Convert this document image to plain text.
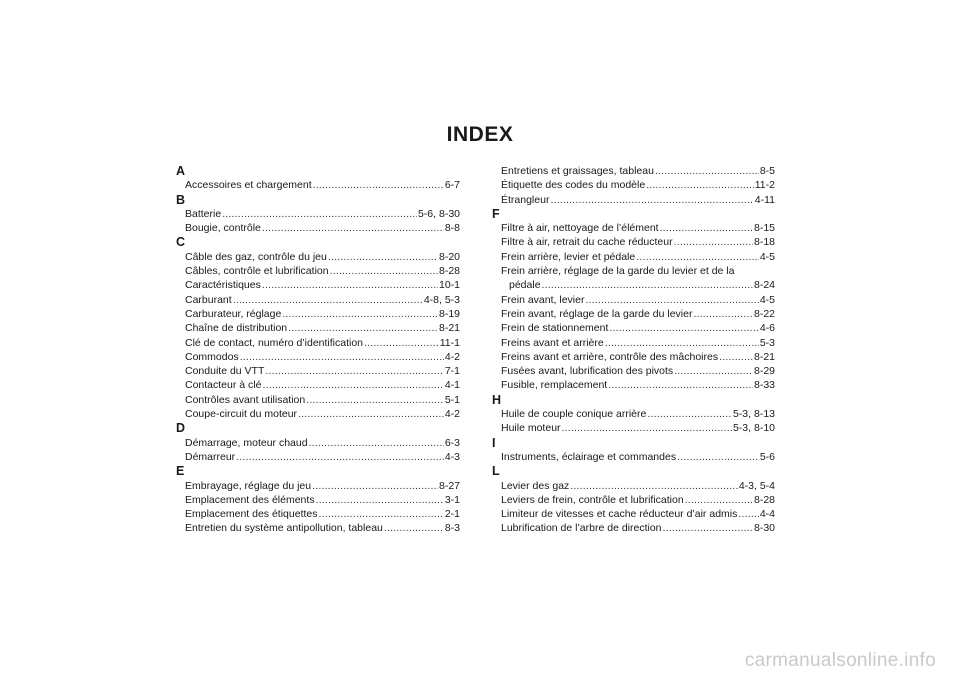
INDEX
A
Accessoires et chargement .....	6-7
B
Batterie .....	5-6, 8-30
Bougie, contrôle .....	8-8
C
Câble des gaz, contrôle du jeu .....	8-20
Câbles, contrôle et lubrification .....	8-28
Caractéristiques .....	10-1
Carburant .....	4-8, 5-3
Carburateur, réglage .....	8-19
Chaîne de distribution .....	8-21
Clé de contact, numéro d’identification .....	11-1
Commodos .....	4-2
Conduite du VTT .....	7-1
Contacteur à clé .....	4-1
Contrôles avant utilisation .....	5-1
Coupe-circuit du moteur .....	4-2
D
Démarrage, moteur chaud .....	6-3
Démarreur .....	4-3
E
Embrayage, réglage du jeu .....	8-27
Emplacement des éléments .....	3-1
Emplacement des étiquettes .....	2-1
Entretien du système antipollution, tableau .....	8-3
Entretiens et graissages, tableau .....	8-5
Étiquette des codes du modèle .....	11-2
Étrangleur .....	4-11
F
Filtre à air, nettoyage de l’élément .....	8-15
Filtre à air, retrait du cache réducteur .....	8-18
Frein arrière, levier et pédale .....	4-5
Frein arrière, réglage de la garde du levier et de la
pédale .....	8-24
Frein avant, levier .....	4-5
Frein avant, réglage de la garde du levier .....	8-22
Frein de stationnement .....	4-6
Freins avant et arrière .....	5-3
Freins avant et arrière, contrôle des mâchoires .....	8-21
Fusées avant, lubrification des pivots .....	8-29
Fusible, remplacement .....	8-33
H
Huile de couple conique arrière .....	5-3, 8-13
Huile moteur .....	5-3, 8-10
I
Instruments, éclairage et commandes .....	5-6
L
Levier des gaz .....	4-3, 5-4
Leviers de frein, contrôle et lubrification .....	8-28
Limiteur de vitesses et cache réducteur d’air admis ..... 4-4
Lubrification de l’arbre de direction .....	8-30
carmanualsonline.info
